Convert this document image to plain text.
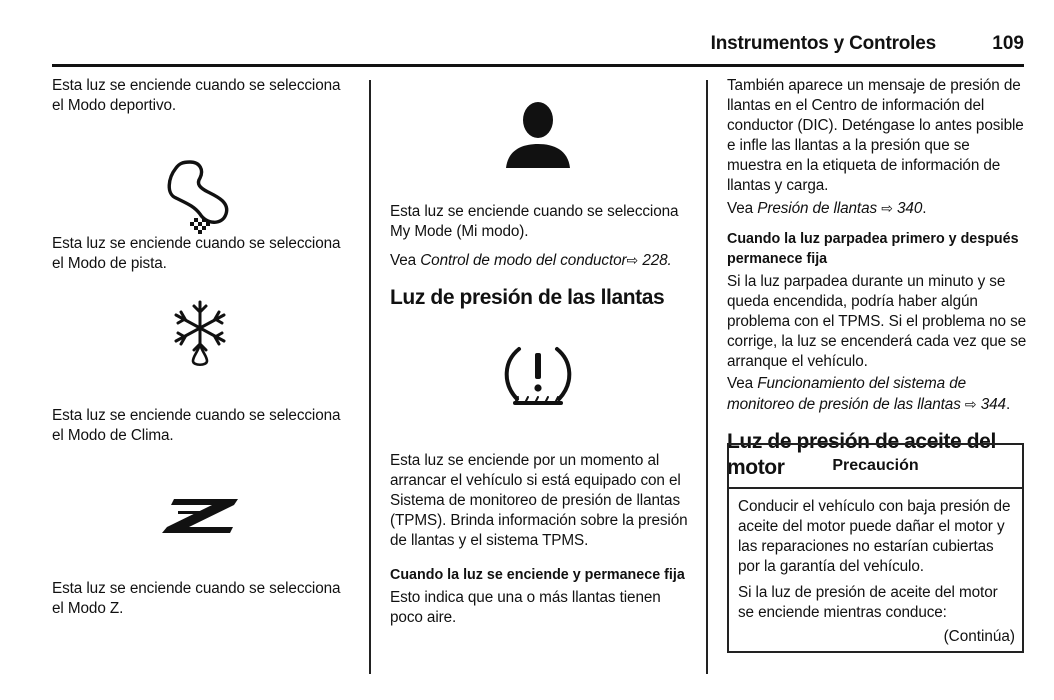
Instrumentos y Controles	109

Esta luz se enciende cuando se selecciona el Modo deportivo.

Esta luz se enciende cuando se selecciona el Modo de pista.

Esta luz se enciende cuando se selecciona el Modo de Clima.

Esta luz se enciende cuando se selecciona el Modo Z.

Esta luz se enciende cuando se selecciona My Mode (Mi modo).

Vea Control de modo del conductor⇨ 228.

Luz de presión de las llantas

Esta luz se enciende por un momento al arrancar el vehículo si está equipado con el Sistema de monitoreo de presión de llantas (TPMS). Brinda información sobre la presión de llantas y el sistema TPMS.

Cuando la luz se enciende y permanece fija

Esto indica que una o más llantas tienen poco aire.

También aparece un mensaje de presión de llantas en el Centro de información del conductor (DIC). Deténgase lo antes posible e infle las llantas a la presión que se muestra en la etiqueta de información de llantas y carga.

Vea Presión de llantas ⇨ 340.

Cuando la luz parpadea primero y después permanece fija

Si la luz parpadea durante un minuto y se queda encendida, podría haber algún problema con el TPMS. Si el problema no se corrige, la luz se encenderá cada vez que se arranque el vehículo.

Vea Funcionamiento del sistema de monitoreo de presión de las llantas ⇨ 344.

Luz de presión de aceite del motor	Precaución

Conducir el vehículo con baja presión de aceite del motor puede dañar el motor y las reparaciones no estarían cubiertas por la garantía del vehículo.

Si la luz de presión de aceite del motor se enciende mientras conduce:

(Continúa)
